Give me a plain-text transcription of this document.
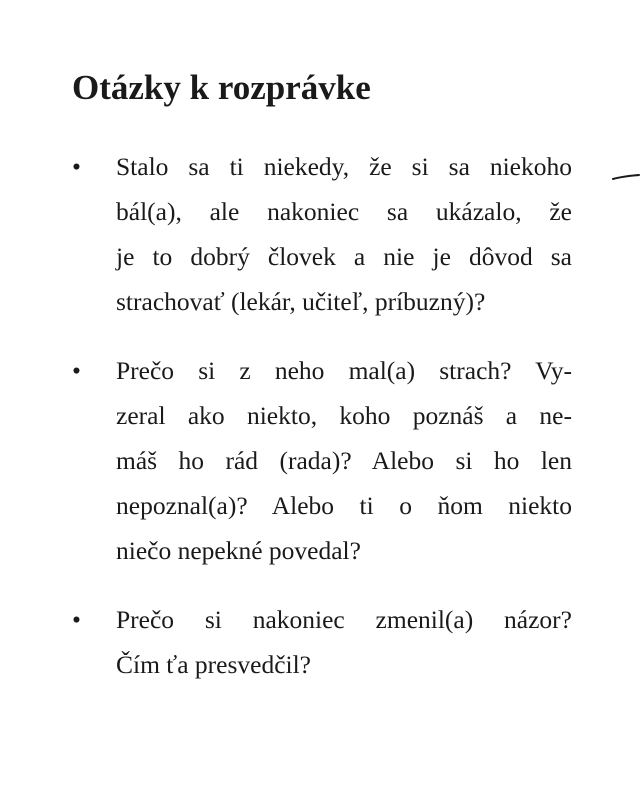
Otázky k rozprávke
•	Stalo sa ti niekedy, že si sa niekoho
bál(a), ale nakoniec sa ukázalo, že
je to dobrý človek a nie je dôvod sa
strachovať (lekár, učiteľ, príbuzný)?
•	Prečo si z neho mal(a) strach? Vy-
zeral ako niekto, koho poznáš a ne-
máš ho rád (rada)? Alebo si ho len
nepoznal(a)? Alebo ti o ňom niekto
niečo nepekné povedal?
•	Prečo si nakoniec zmenil(a) názor?
Čím ťa presvedčil?
